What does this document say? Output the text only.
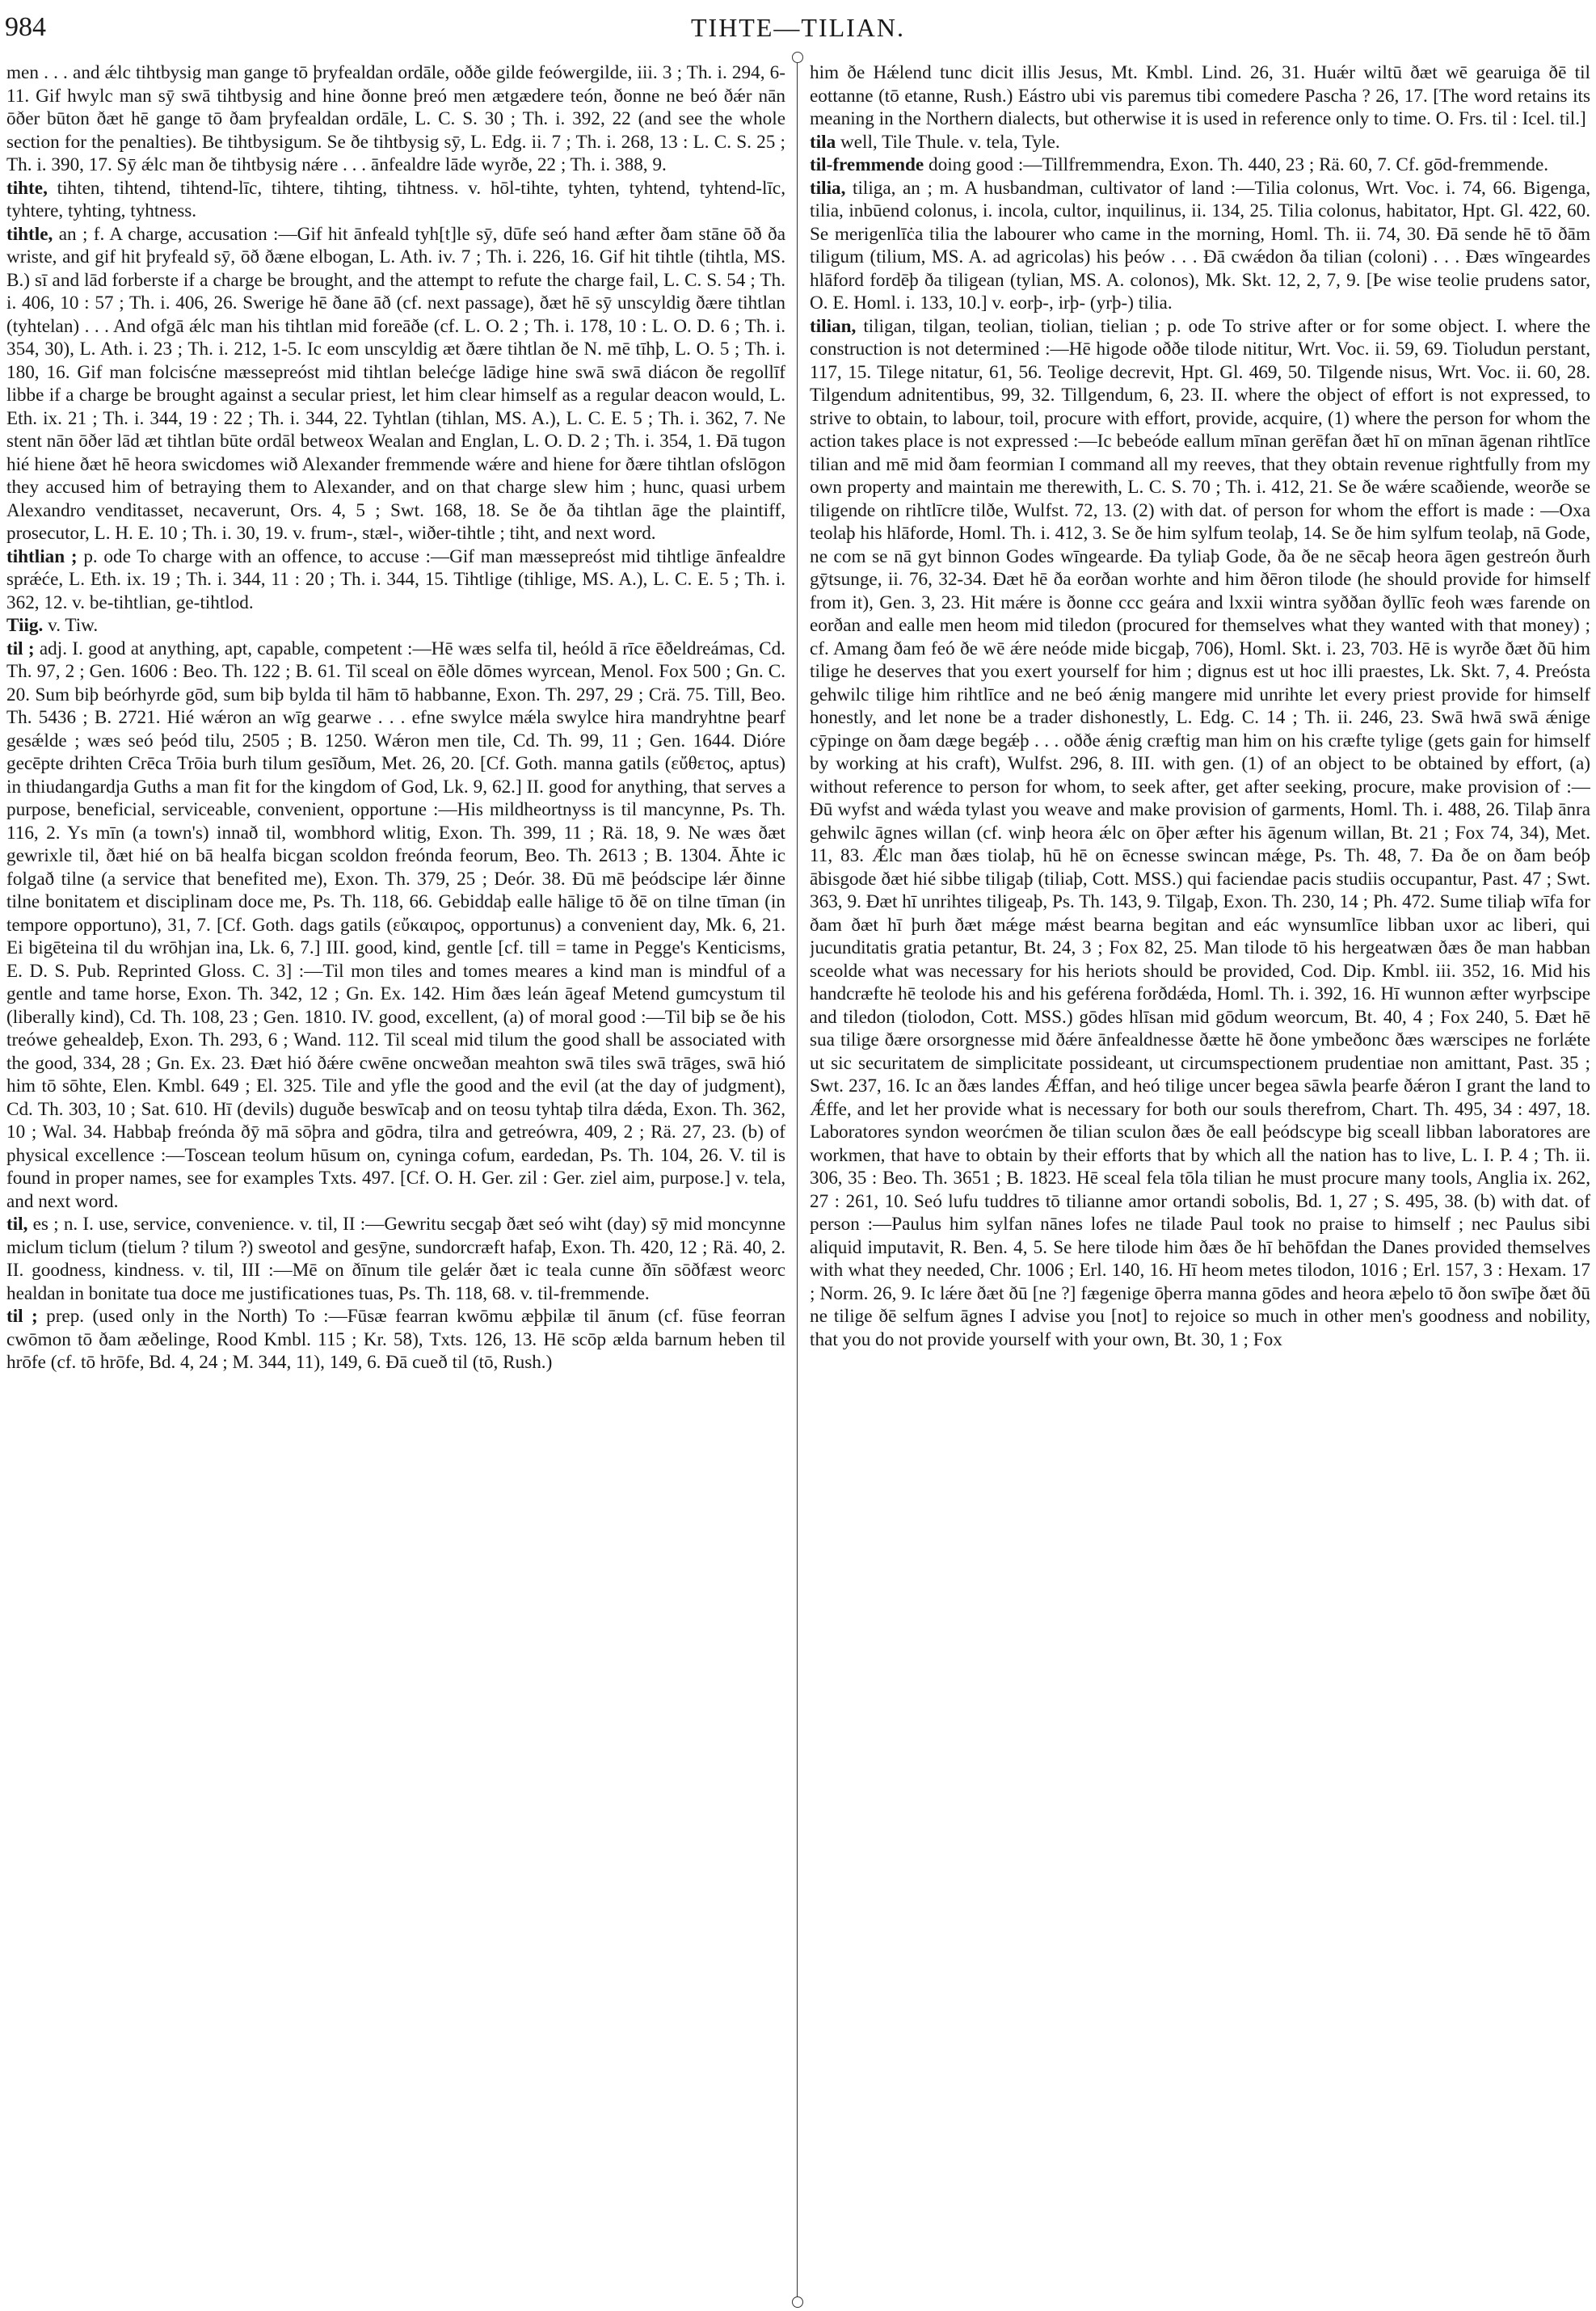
984	TIHTE—TILIAN.

men . . . and ǽlc tihtbysig man gange tō þryfealdan ordāle, oððe gilde feówergilde, iii. 3 ; Th. i. 294, 6-11. Gif hwylc man sȳ swā tihtbysig and hine ðonne þreó men ætgædere teón, ðonne ne beó ðǽr nān ōðer būton ðæt hē gange tō ðam þryfealdan ordāle, L. C. S. 30 ; Th. i. 392, 22 (and see the whole section for the penalties). Be tihtbysigum. Se ðe tihtbysig sȳ, L. Edg. ii. 7 ; Th. i. 268, 13 : L. C. S. 25 ; Th. i. 390, 17. Sȳ ǽlc man ðe tihtbysig nǽre . . . ānfealdre lāde wyrðe, 22 ; Th. i. 388, 9.

tihte, tihten, tihtend, tihtend-līc, tihtere, tihting, tihtness. v. hōl-tihte, tyhten, tyhtend, tyhtend-līc, tyhtere, tyhting, tyhtness.

tihtle, an ; f. A charge, accusation :—Gif hit ānfeald tyh[t]le sȳ, dūfe seó hand æfter ðam stāne ōð ða wriste, and gif hit þryfeald sȳ, ōð ðæne elbogan, L. Ath. iv. 7 ; Th. i. 226, 16. Gif hit tihtle (tihtla, MS. B.) sī and lād forberste if a charge be brought, and the attempt to refute the charge fail, L. C. S. 54 ; Th. i. 406, 10 : 57 ; Th. i. 406, 26. Swerige hē ðane āð (cf. next passage), ðæt hē sȳ unscyldig ðære tihtlan (tyhtelan) . . . And ofgā ǽlc man his tihtlan mid foreāðe (cf. L. O. 2 ; Th. i. 178, 10 : L. O. D. 6 ; Th. i. 354, 30), L. Ath. i. 23 ; Th. i. 212, 1-5. Ic eom unscyldig æt ðære tihtlan ðe N. mē tīhþ, L. O. 5 ; Th. i. 180, 16. Gif man folcisćne mæssepreóst mid tihtlan belećge lādige hine swā swā diácon ðe regollīf libbe if a charge be brought against a secular priest, let him clear himself as a regular deacon would, L. Eth. ix. 21 ; Th. i. 344, 19 : 22 ; Th. i. 344, 22. Tyhtlan (tihlan, MS. A.), L. C. E. 5 ; Th. i. 362, 7. Ne stent nān ōðer lād æt tihtlan būte ordāl betweox Wealan and Englan, L. O. D. 2 ; Th. i. 354, 1. Ðā tugon hié hiene ðæt hē heora swicdomes wið Alexander fremmende wǽre and hiene for ðære tihtlan ofslōgon they accused him of betraying them to Alexander, and on that charge slew him ; hunc, quasi urbem Alexandro venditasset, necaverunt, Ors. 4, 5 ; Swt. 168, 18. Se ðe ða tihtlan āge the plaintiff, prosecutor, L. H. E. 10 ; Th. i. 30, 19. v. frum-, stæl-, wiðer-tihtle ; tiht, and next word.

tihtlian ; p. ode To charge with an offence, to accuse :—Gif man mæssepreóst mid tihtlige ānfealdre sprǽće, L. Eth. ix. 19 ; Th. i. 344, 11 : 20 ; Th. i. 344, 15. Tihtlige (tihlige, MS. A.), L. C. E. 5 ; Th. i. 362, 12. v. be-tihtlian, ge-tihtlod.

Tiig. v. Tiw.

til ; adj. I. good at anything, apt, capable, competent :—Hē wæs selfa til, heóld ā rīce ēðeldreámas, Cd. Th. 97, 2 ; Gen. 1606 : Beo. Th. 122 ; B. 61. Til sceal on ēðle dōmes wyrcean, Menol. Fox 500 ; Gn. C. 20. Sum biþ beórhyrde gōd, sum biþ bylda til hām tō habbanne, Exon. Th. 297, 29 ; Crä. 75. Till, Beo. Th. 5436 ; B. 2721. Hié wǽron an wīg gearwe . . . efne swylce mǽla swylce hira mandryhtne þearf gesǽlde ; wæs seó þeód tilu, 2505 ; B. 1250. Wǽron men tile, Cd. Th. 99, 11 ; Gen. 1644. Dióre gecēpte drihten Crēca Trōia burh tilum gesīðum, Met. 26, 20. [Cf. Goth. manna gatils (εὔθετος, aptus) in thiudangardja Guths a man fit for the kingdom of God, Lk. 9, 62.] II. good for anything, that serves a purpose, beneficial, serviceable, convenient, opportune :—His mildheortnyss is til mancynne, Ps. Th. 116, 2. Ys mīn (a town's) innað til, wombhord wlitig, Exon. Th. 399, 11 ; Rä. 18, 9. Ne wæs ðæt gewrixle til, ðæt hié on bā healfa bicgan scoldon freónda feorum, Beo. Th. 2613 ; B. 1304. Āhte ic folgað tilne (a service that benefited me), Exon. Th. 379, 25 ; Deór. 38. Ðū mē þeódscipe lǽr ðinne tilne bonitatem et disciplinam doce me, Ps. Th. 118, 66. Gebiddaþ ealle hālige tō ðē on tilne tīman (in tempore opportuno), 31, 7. [Cf. Goth. dags gatils (εὔκαιρος, opportunus) a convenient day, Mk. 6, 21. Ei bigēteina til du wrōhjan ina, Lk. 6, 7.] III. good, kind, gentle [cf. till = tame in Pegge's Kenticisms, E. D. S. Pub. Reprinted Gloss. C. 3] :—Til mon tiles and tomes meares a kind man is mindful of a gentle and tame horse, Exon. Th. 342, 12 ; Gn. Ex. 142. Him ðæs leán āgeaf Metend gumcystum til (liberally kind), Cd. Th. 108, 23 ; Gen. 1810. IV. good, excellent, (a) of moral good :—Til biþ se ðe his treówe gehealdeþ, Exon. Th. 293, 6 ; Wand. 112. Til sceal mid tilum the good shall be associated with the good, 334, 28 ; Gn. Ex. 23. Ðæt hió ðǽre cwēne oncweðan meahton swā tiles swā trāges, swā hió him tō sōhte, Elen. Kmbl. 649 ; El. 325. Tile and yfle the good and the evil (at the day of judgment), Cd. Th. 303, 10 ; Sat. 610. Hī (devils) duguðe beswīcaþ and on teosu tyhtaþ tilra dǽda, Exon. Th. 362, 10 ; Wal. 34. Habbaþ freónda ðȳ mā sōþra and gōdra, tilra and getreówra, 409, 2 ; Rä. 27, 23. (b) of physical excellence :—Toscean teolum hūsum on, cyninga cofum, eardedan, Ps. Th. 104, 26. V. til is found in proper names, see for examples Txts. 497. [Cf. O. H. Ger. zil : Ger. ziel aim, purpose.] v. tela, and next word.

til, es ; n. I. use, service, convenience. v. til, II :—Gewritu secgaþ ðæt seó wiht (day) sȳ mid moncynne miclum ticlum (tielum ? tilum ?) sweotol and gesȳne, sundorcræft hafaþ, Exon. Th. 420, 12 ; Rä. 40, 2. II. goodness, kindness. v. til, III :—Mē on ðīnum tile gelǽr ðæt ic teala cunne ðīn sōðfæst weorc healdan in bonitate tua doce me justificationes tuas, Ps. Th. 118, 68. v. til-fremmende.

til ; prep. (used only in the North) To :—Fūsæ fearran kwōmu æþþilæ til ānum (cf. fūse feorran cwōmon tō ðam æðelinge, Rood Kmbl. 115 ; Kr. 58), Txts. 126, 13. Hē scōp ælda barnum heben til hrōfe (cf. tō hrōfe, Bd. 4, 24 ; M. 344, 11), 149, 6. Ðā cueð til (tō, Rush.)

him ðe Hǽlend tunc dicit illis Jesus, Mt. Kmbl. Lind. 26, 31. Huǽr wiltū ðæt wē gearuiga ðē til eottanne (tō etanne, Rush.) Eástro ubi vis paremus tibi comedere Pascha ? 26, 17. [The word retains its meaning in the Northern dialects, but otherwise it is used in reference only to time. O. Frs. til : Icel. til.]

tila well, Tile Thule. v. tela, Tyle.

til-fremmende doing good :—Tillfremmendra, Exon. Th. 440, 23 ; Rä. 60, 7. Cf. gōd-fremmende.

tilia, tiliga, an ; m. A husbandman, cultivator of land :—Tilia colonus, Wrt. Voc. i. 74, 66. Bigenga, tilia, inbūend colonus, i. incola, cultor, inquilinus, ii. 134, 25. Tilia colonus, habitator, Hpt. Gl. 422, 60. Se merigenlīċa tilia the labourer who came in the morning, Homl. Th. ii. 74, 30. Ðā sende hē tō ðām tiligum (tilium, MS. A. ad agricolas) his þeów . . . Ðā cwǽdon ða tilian (coloni) . . . Ðæs wīngeardes hlāford fordēþ ða tiligean (tylian, MS. A. colonos), Mk. Skt. 12, 2, 7, 9. [Þe wise teolie prudens sator, O. E. Homl. i. 133, 10.] v. eorþ-, irþ- (yrþ-) tilia.

tilian, tiligan, tilgan, teolian, tiolian, tielian ; p. ode To strive after or for some object. I. where the construction is not determined :—Hē higode oððe tilode nititur, Wrt. Voc. ii. 59, 69. Tioludun perstant, 117, 15. Tilege nitatur, 61, 56. Teolige decrevit, Hpt. Gl. 469, 50. Tilgende nisus, Wrt. Voc. ii. 60, 28. Tilgendum adnitentibus, 99, 32. Tillgendum, 6, 23. II. where the object of effort is not expressed, to strive to obtain, to labour, toil, procure with effort, provide, acquire, (1) where the person for whom the action takes place is not expressed :—Ic bebeóde eallum mīnan gerēfan ðæt hī on mīnan āgenan rihtlīce tilian and mē mid ðam feormian I command all my reeves, that they obtain revenue rightfully from my own property and maintain me therewith, L. C. S. 70 ; Th. i. 412, 21. Se ðe wǽre scaðiende, weorðe se tiligende on rihtlīcre tilðe, Wulfst. 72, 13. (2) with dat. of person for whom the effort is made : —Oxa teolaþ his hlāforde, Homl. Th. i. 412, 3. Se ðe him sylfum teolaþ, 14. Se ðe him sylfum teolaþ, nā Gode, ne com se nā gyt binnon Godes wīngearde. Ða tyliaþ Gode, ða ðe ne sēcaþ heora āgen gestreón ðurh gȳtsunge, ii. 76, 32-34. Ðæt hē ða eorðan worhte and him ðēron tilode (he should provide for himself from it), Gen. 3, 23. Hit mǽre is ðonne ccc geára and lxxii wintra syððan ðyllīc feoh wæs farende on eorðan and ealle men heom mid tiledon (procured for themselves what they wanted with that money) ; cf. Amang ðam feó ðe wē ǽre neóde mide bicgaþ, 706), Homl. Skt. i. 23, 703. Hē is wyrðe ðæt ðū him tilige he deserves that you exert yourself for him ; dignus est ut hoc illi praestes, Lk. Skt. 7, 4. Preósta gehwilc tilige him rihtlīce and ne beó ǽnig mangere mid unrihte let every priest provide for himself honestly, and let none be a trader dishonestly, L. Edg. C. 14 ; Th. ii. 246, 23. Swā hwā swā ǽnige cȳpinge on ðam dæge begǽþ . . . oððe ǽnig cræftig man him on his cræfte tylige (gets gain for himself by working at his craft), Wulfst. 296, 8. III. with gen. (1) of an object to be obtained by effort, (a) without reference to person for whom, to seek after, get after seeking, procure, make provision of :—Ðū wyfst and wǽda tylast you weave and make provision of garments, Homl. Th. i. 488, 26. Tilaþ ānra gehwilc āgnes willan (cf. winþ heora ǽlc on ōþer æfter his āgenum willan, Bt. 21 ; Fox 74, 34), Met. 11, 83. Ǽlc man ðæs tiolaþ, hū hē on ēcnesse swincan mǽge, Ps. Th. 48, 7. Ða ðe on ðam beóþ ābisgode ðæt hié sibbe tiligaþ (tiliaþ, Cott. MSS.) qui faciendae pacis studiis occupantur, Past. 47 ; Swt. 363, 9. Ðæt hī unrihtes tiligeaþ, Ps. Th. 143, 9. Tilgaþ, Exon. Th. 230, 14 ; Ph. 472. Sume tiliaþ wīfa for ðam ðæt hī þurh ðæt mǽge mǽst bearna begitan and eác wynsumlīce libban uxor ac liberi, qui jucunditatis gratia petantur, Bt. 24, 3 ; Fox 82, 25. Man tilode tō his hergeatwæn ðæs ðe man habban sceolde what was necessary for his heriots should be provided, Cod. Dip. Kmbl. iii. 352, 16. Mid his handcræfte hē teolode his and his geférena forðdǽda, Homl. Th. i. 392, 16. Hī wunnon æfter wyrþscipe and tiledon (tiolodon, Cott. MSS.) gōdes hlīsan mid gōdum weorcum, Bt. 40, 4 ; Fox 240, 5. Ðæt hē sua tilige ðære orsorgnesse mid ðǽre ānfealdnesse ðætte hē ðone ymbeðonc ðæs wærscipes ne forlǽte ut sic securitatem de simplicitate possideant, ut circumspectionem prudentiae non amittant, Past. 35 ; Swt. 237, 16. Ic an ðæs landes Ǽffan, and heó tilige uncer begea sāwla þearfe ðǽron I grant the land to Ǽffe, and let her provide what is necessary for both our souls therefrom, Chart. Th. 495, 34 : 497, 18. Laboratores syndon weorćmen ðe tilian sculon ðæs ðe eall þeódscype big sceall libban laboratores are workmen, that have to obtain by their efforts that by which all the nation has to live, L. I. P. 4 ; Th. ii. 306, 35 : Beo. Th. 3651 ; B. 1823. Hē sceal fela tōla tilian he must procure many tools, Anglia ix. 262, 27 : 261, 10. Seó lufu tuddres tō tilianne amor ortandi sobolis, Bd. 1, 27 ; S. 495, 38. (b) with dat. of person :—Paulus him sylfan nānes lofes ne tilade Paul took no praise to himself ; nec Paulus sibi aliquid imputavit, R. Ben. 4, 5. Se here tilode him ðæs ðe hī behōfdan the Danes provided themselves with what they needed, Chr. 1006 ; Erl. 140, 16. Hī heom metes tilodon, 1016 ; Erl. 157, 3 : Hexam. 17 ; Norm. 26, 9. Ic lǽre ðæt ðū [ne ?] fægenige ōþerra manna gōdes and heora æþelo tō ðon swīþe ðæt ðū ne tilige ðē selfum āgnes I advise you [not] to rejoice so much in other men's goodness and nobility, that you do not provide yourself with your own, Bt. 30, 1 ; Fox
